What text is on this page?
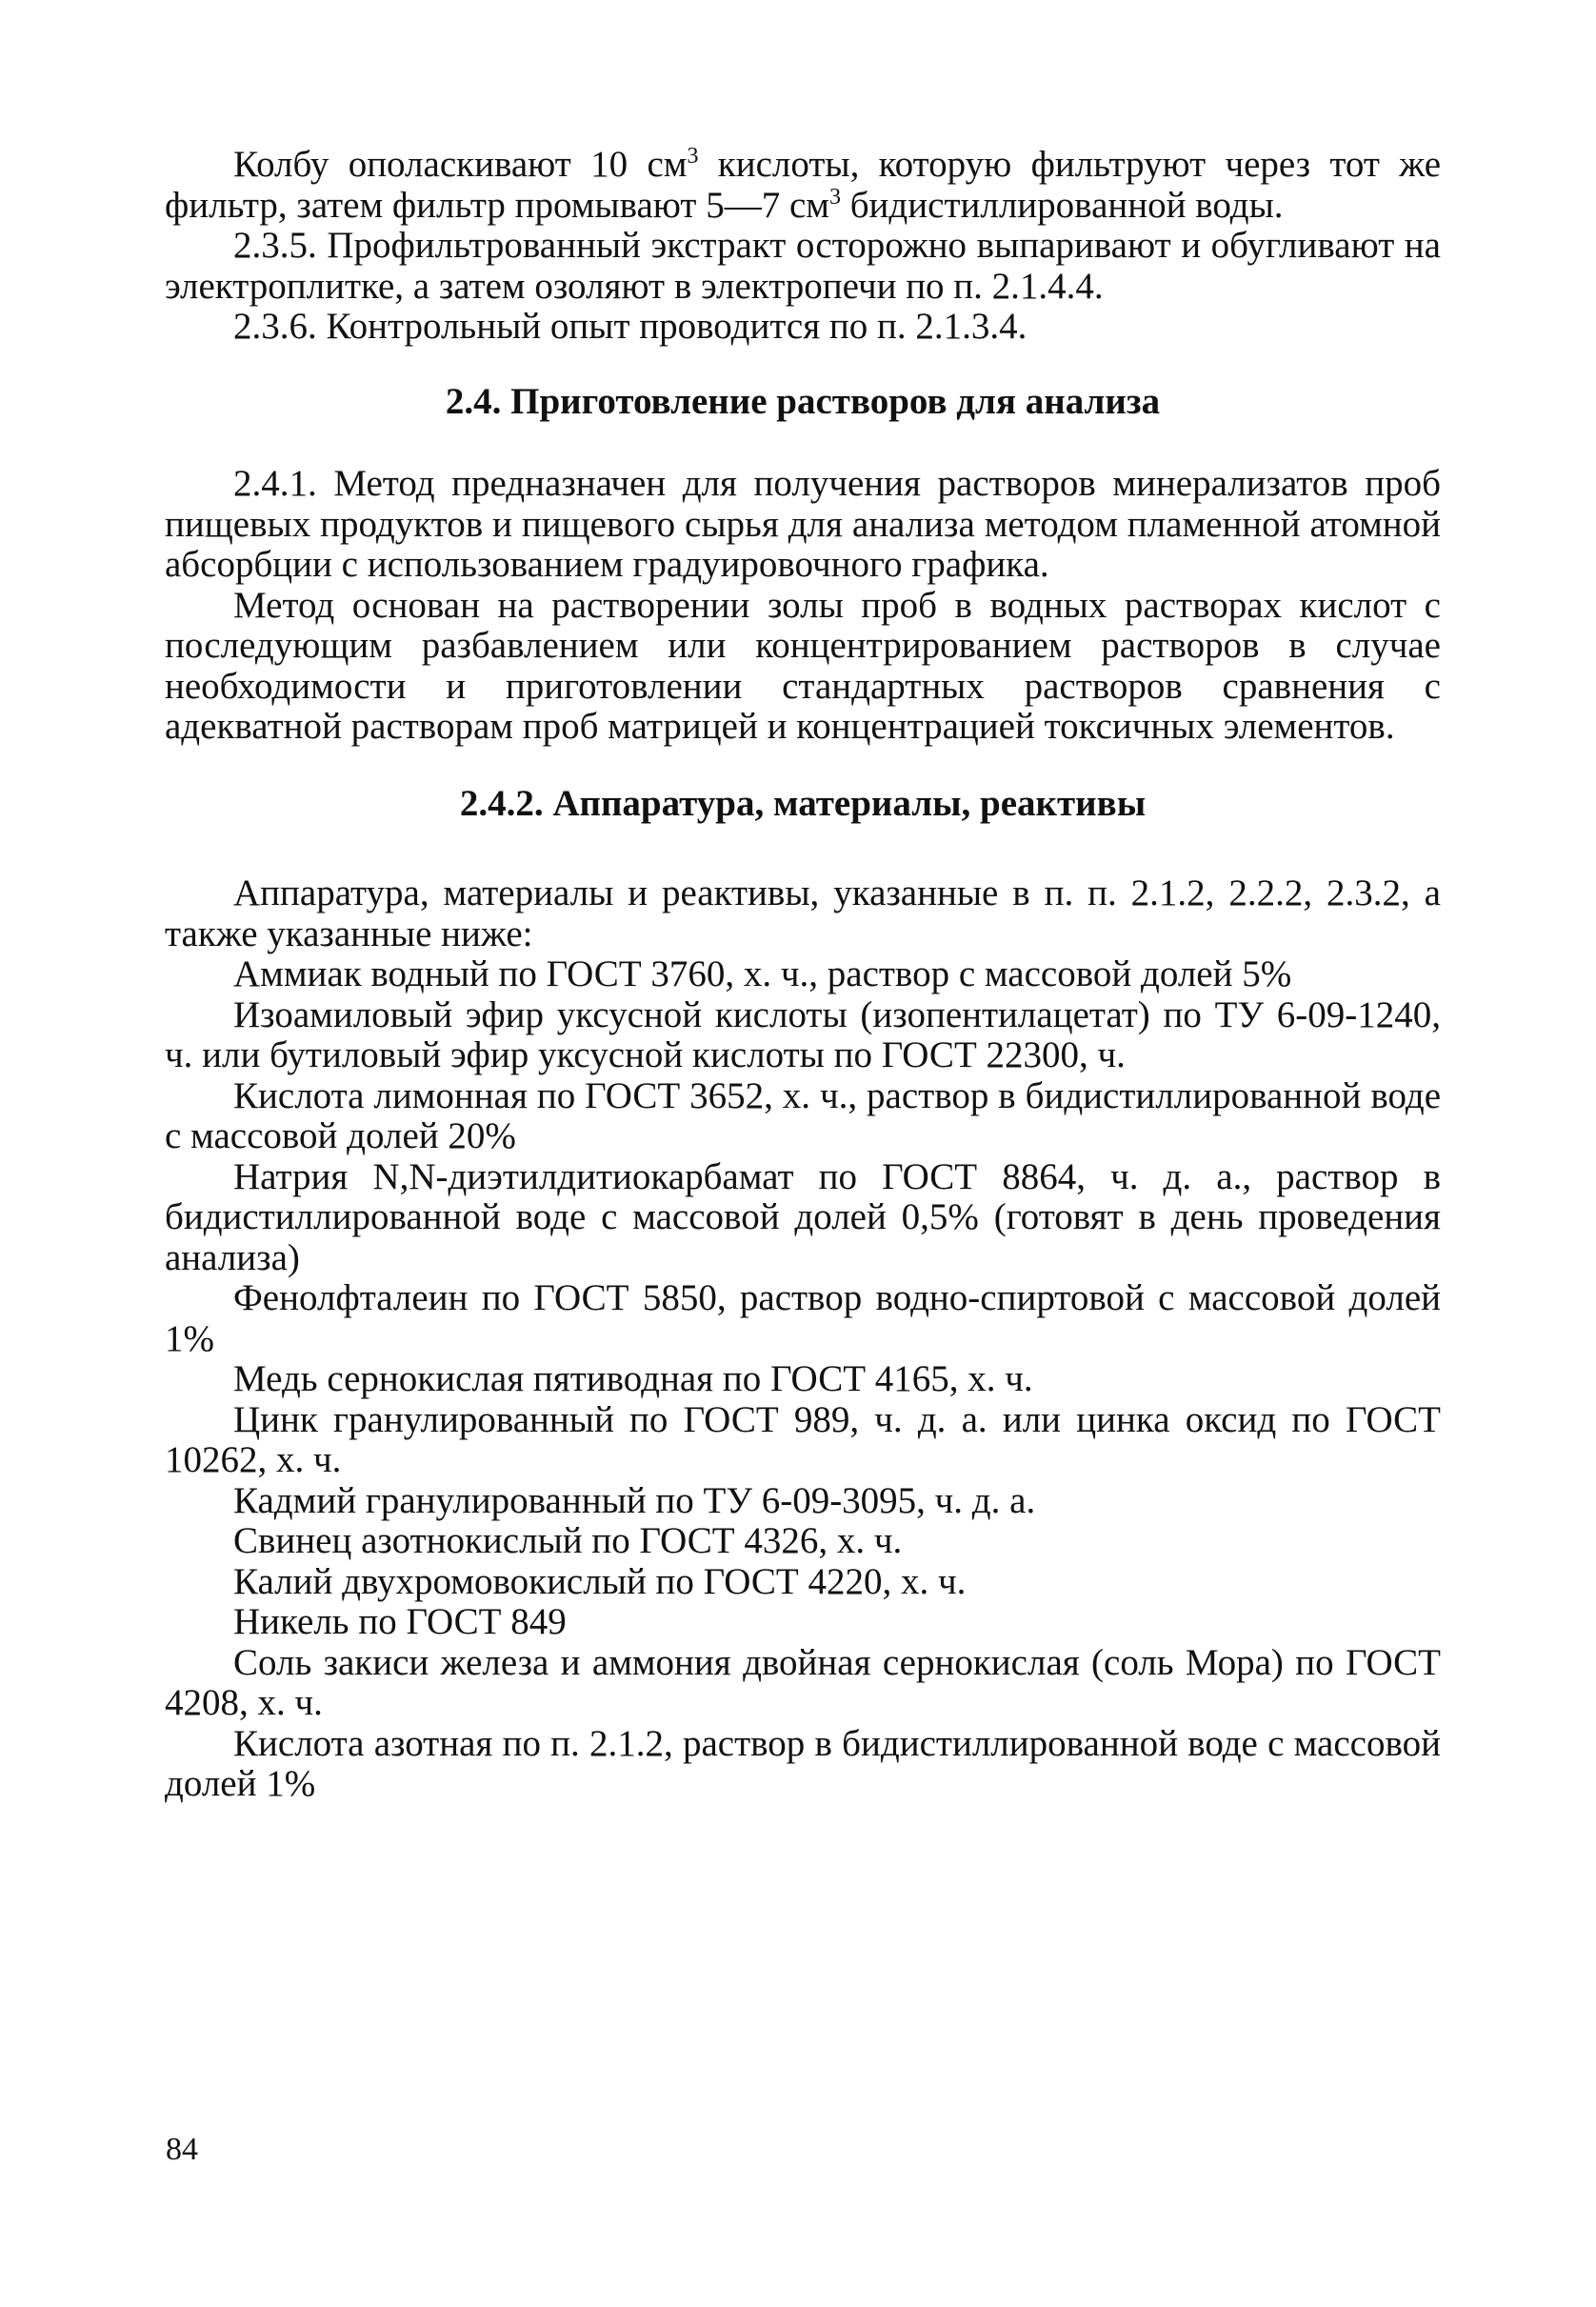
Колбу ополаскивают 10 $см^3$ кислоты, которую фильтруют через тот же фильтр, затем фильтр промывают 5—7 $см^3$ бидистиллированной воды.

2.3.5. Профильтрованный экстракт осторожно выпаривают и обугливают на электроплитке, а затем озоляют в электропечи по п. 2.1.4.4.

2.3.6. Контрольный опыт проводится по п. 2.1.3.4.

2.4. Приготовление растворов для анализа

2.4.1. Метод предназначен для получения растворов минерализатов проб пищевых продуктов и пищевого сырья для анализа методом пламенной атомной абсорбции с использованием градуировочного графика.

Метод основан на растворении золы проб в водных растворах кислот с последующим разбавлением или концентрированием растворов в случае необходимости и приготовлении стандартных растворов сравнения с адекватной растворам проб матрицей и концентрацией токсичных элементов.

2.4.2. Аппаратура, материалы, реактивы

Аппаратура, материалы и реактивы, указанные в п. п. 2.1.2, 2.2.2, 2.3.2, а также указанные ниже:

Аммиак водный по ГОСТ 3760, х. ч., раствор с массовой долей 5%

Изоамиловый эфир уксусной кислоты (изопентилацетат) по ТУ 6-09-1240, ч. или бутиловый эфир уксусной кислоты по ГОСТ 22300, ч.

Кислота лимонная по ГОСТ 3652, х. ч., раствор в бидистиллированной воде с массовой долей 20%

Натрия N,N-диэтилдитиокарбамат по ГОСТ 8864, ч. д. а., раствор в бидистиллированной воде с массовой долей 0,5% (готовят в день проведения анализа)

Фенолфталеин по ГОСТ 5850, раствор водно-спиртовой с массовой долей 1%

Медь сернокислая пятиводная по ГОСТ 4165, х. ч.

Цинк гранулированный по ГОСТ 989, ч. д. а. или цинка оксид по ГОСТ 10262, х. ч.

Кадмий гранулированный по ТУ 6-09-3095, ч. д. а.

Свинец азотнокислый по ГОСТ 4326, х. ч.

Калий двухромовокислый по ГОСТ 4220, х. ч.

Никель по ГОСТ 849

Соль закиси железа и аммония двойная сернокислая (соль Мора) по ГОСТ 4208, х. ч.

Кислота азотная по п. 2.1.2, раствор в бидистиллированной воде с массовой долей 1%

84
